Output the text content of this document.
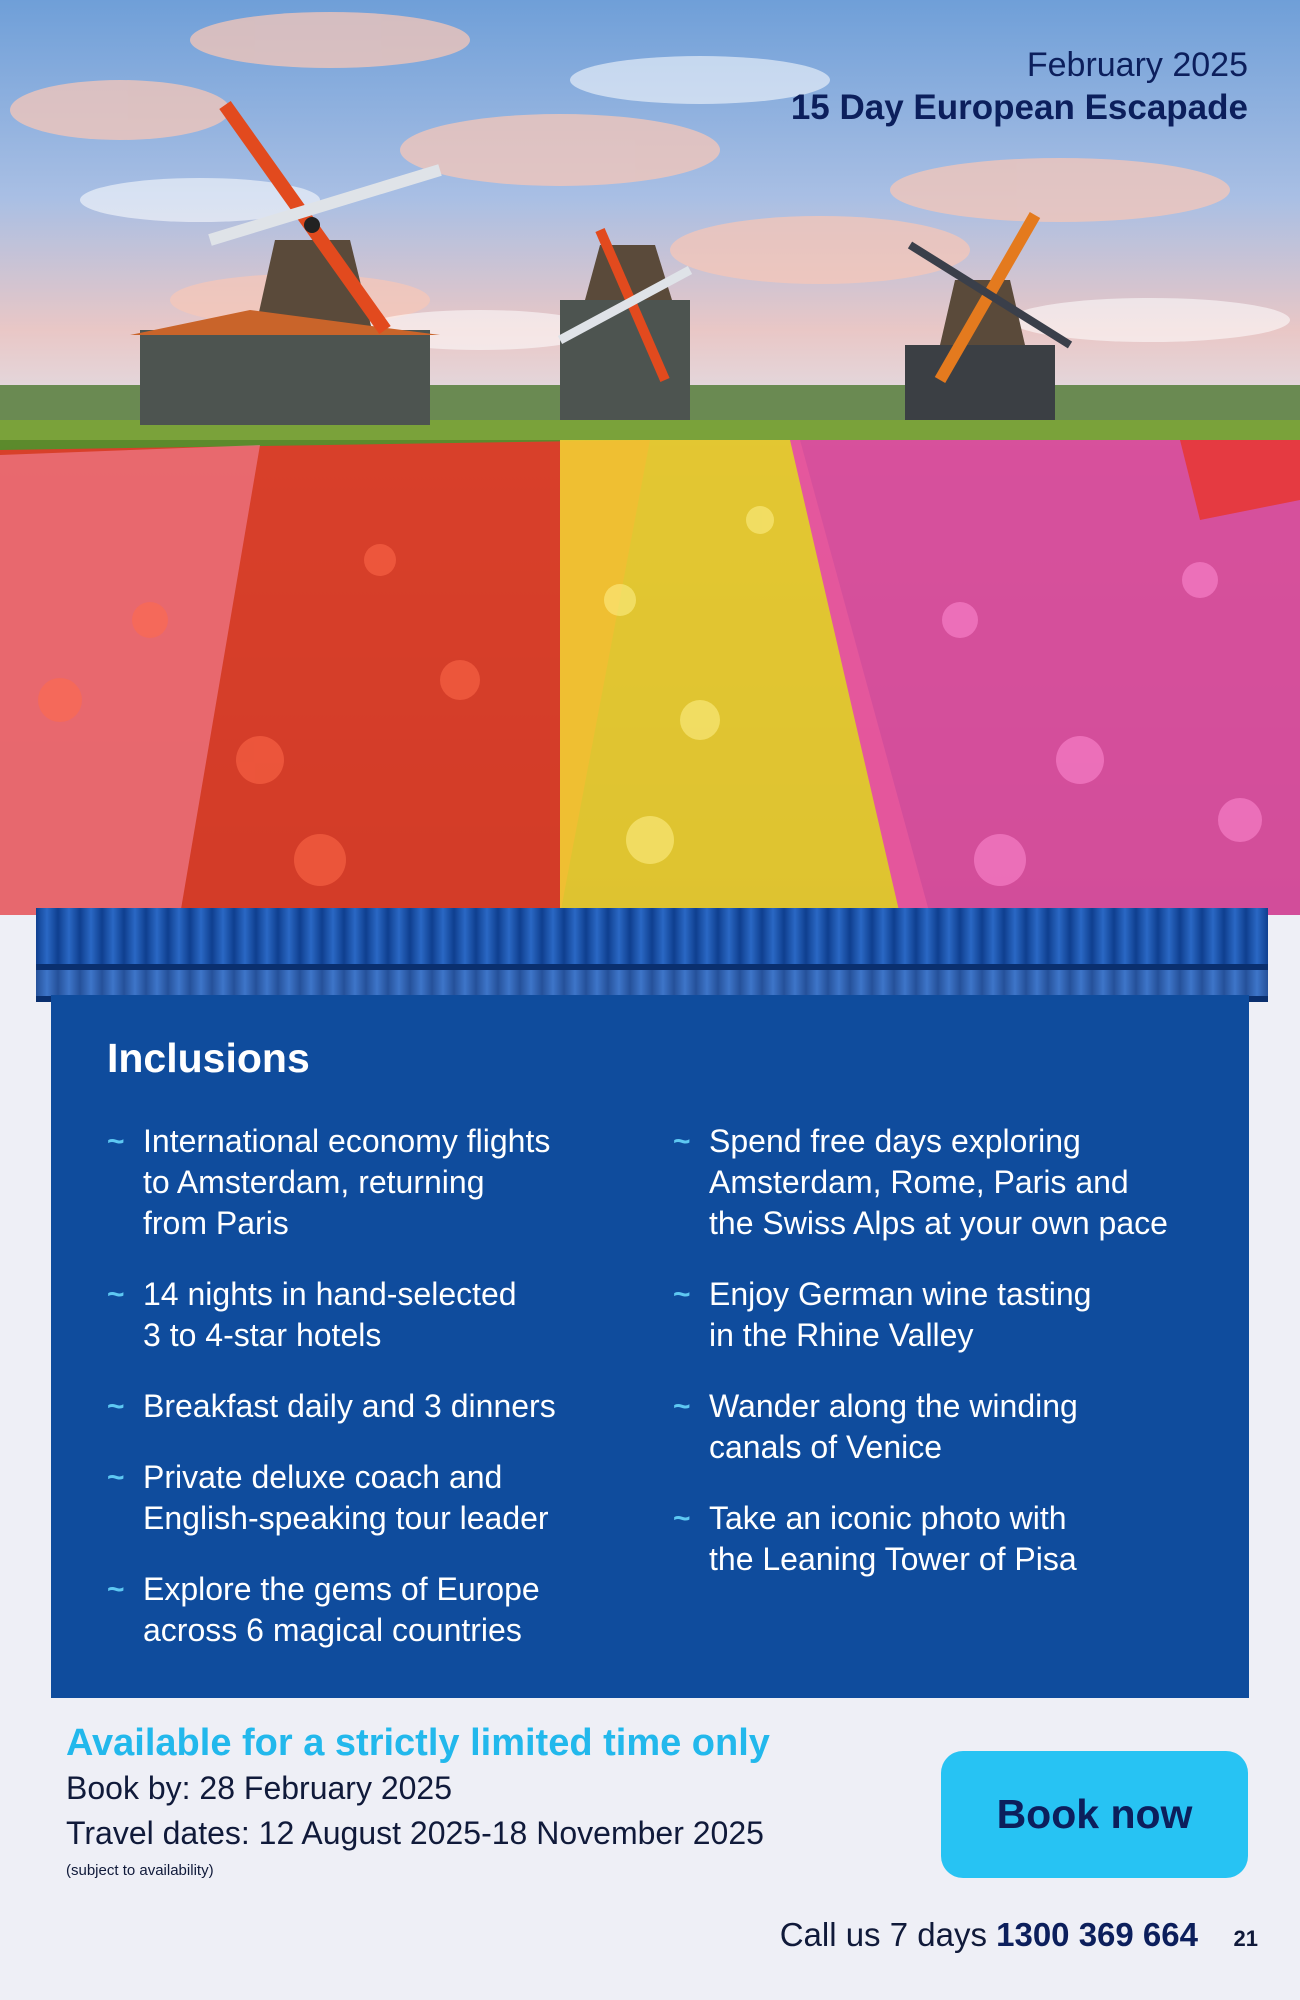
February 2025
15 Day European Escapade
Inclusions
~ International economy flights
to Amsterdam, returning
from Paris
~ 14 nights in hand-selected
3 to 4-star hotels
~ Breakfast daily and 3 dinners
~ Private deluxe coach and
English-speaking tour leader
~ Explore the gems of Europe
across 6 magical countries
~ Spend free days exploring
Amsterdam, Rome, Paris and
the Swiss Alps at your own pace
~ Enjoy German wine tasting
in the Rhine Valley
~ Wander along the winding
canals of Venice
~ Take an iconic photo with
the Leaning Tower of Pisa
Available for a strictly limited time only
Book by: 28 February 2025
Travel dates: 12 August 2025-18 November 2025
(subject to availability)
Book now
Call us 7 days 1300 369 664 21
